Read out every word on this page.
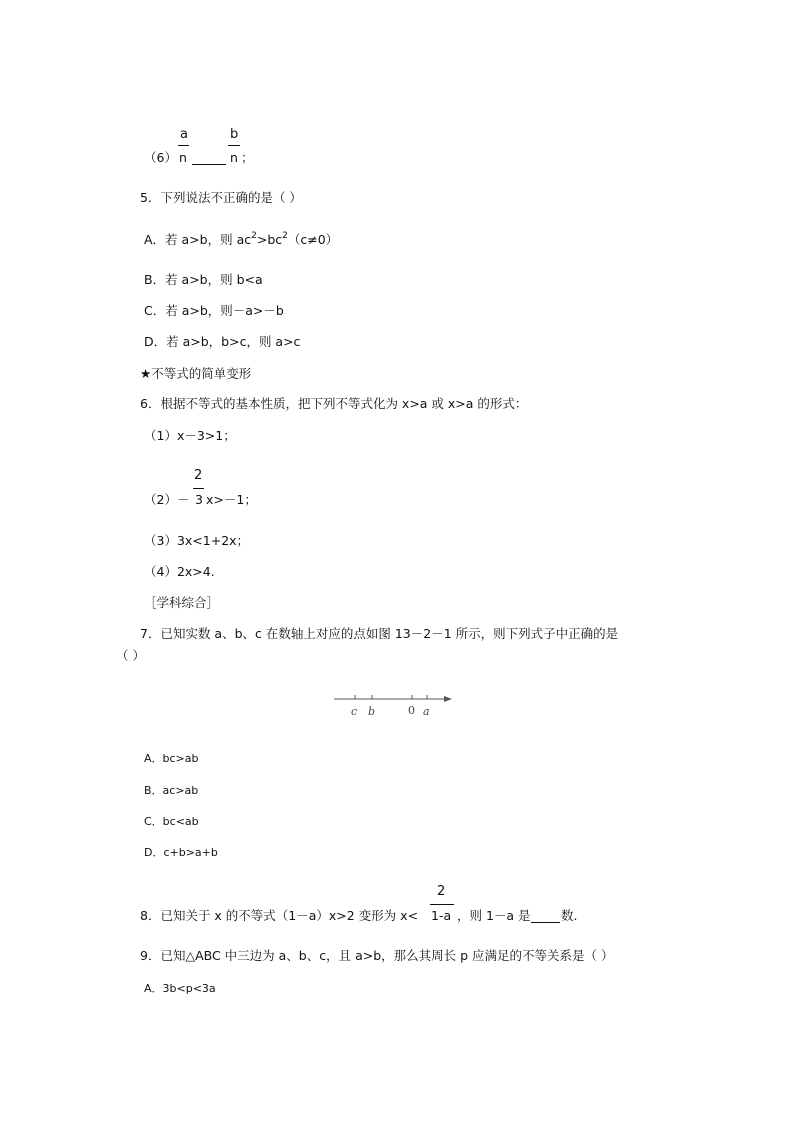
a	b
（6） n	n ；
5．下列说法不正确的是（ ）
A．若 a>b，则 $ac^2>bc^2(c\ne 0)$
B．若 a>b，则 b<a
C．若 a>b，则－a>－b
D．若 a>b，b>c，则 a>c
★不等式的简单变形
6．根据不等式的基本性质，把下列不等式化为 x>a 或 x>a 的形式：
（1）x－3>1；
2
（2）－ 3 x>－1；
（3）3x<1+2x；
（4）2x>4.
［学科综合］
7．已知实数 a、b、c 在数轴上对应的点如图 13－2－1 所示，则下列式子中正确的是
（ ）
c b	0 a
A．bc>ab
B．ac>ab
C．bc<ab
D．c+b>a+b
2
8．已知关于 x 的不等式（1－a）x>2 变形为 x< 1-a ，则 1－a 是 数.
9．已知△ABC 中三边为 a、b、c，且 a>b，那么其周长 p 应满足的不等关系是（ ）
A．3b<p<3a
